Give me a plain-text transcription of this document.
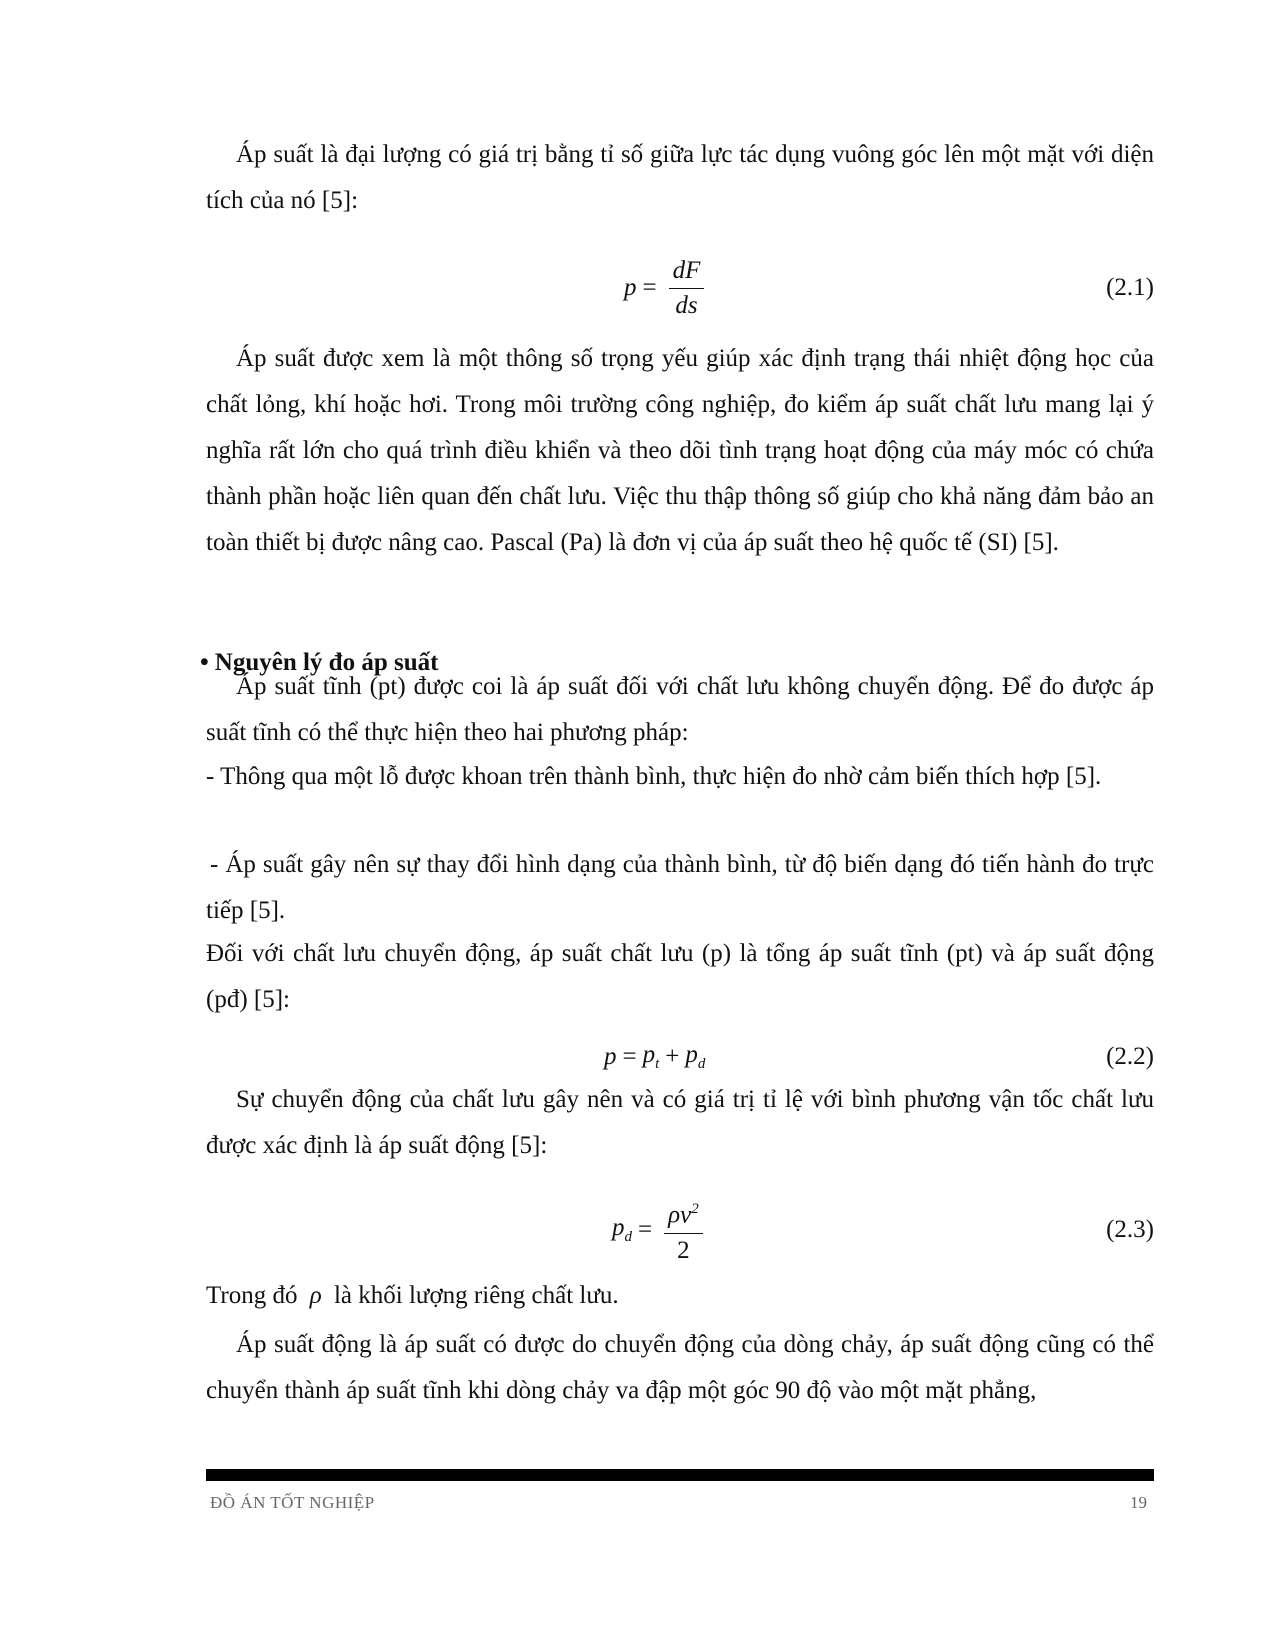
Áp suất là đại lượng có giá trị bằng tỉ số giữa lực tác dụng vuông góc lên một mặt với diện tích của nó [5]:

$p = \frac{dF}{ds}$	(2.1)

Áp suất được xem là một thông số trọng yếu giúp xác định trạng thái nhiệt động học của chất lỏng, khí hoặc hơi. Trong môi trường công nghiệp, đo kiểm áp suất chất lưu mang lại ý nghĩa rất lớn cho quá trình điều khiển và theo dõi tình trạng hoạt động của máy móc có chứa thành phần hoặc liên quan đến chất lưu. Việc thu thập thông số giúp cho khả năng đảm bảo an toàn thiết bị được nâng cao. Pascal (Pa) là đơn vị của áp suất theo hệ quốc tế (SI) [5].

• Nguyên lý đo áp suất

Áp suất tĩnh (pt) được coi là áp suất đối với chất lưu không chuyển động. Để đo được áp suất tĩnh có thể thực hiện theo hai phương pháp:

- Thông qua một lỗ được khoan trên thành bình, thực hiện đo nhờ cảm biến thích hợp [5].

- Áp suất gây nên sự thay đổi hình dạng của thành bình, từ độ biến dạng đó tiến hành đo trực tiếp [5].

Đối với chất lưu chuyển động, áp suất chất lưu (p) là tổng áp suất tĩnh (pt) và áp suất động (pđ) [5]:

$p = p_t + p_d$	(2.2)

Sự chuyển động của chất lưu gây nên và có giá trị tỉ lệ với bình phương vận tốc chất lưu được xác định là áp suất động [5]:

$p_d = \frac{\rho v^2}{2}$	(2.3)

Trong đó ρ là khối lượng riêng chất lưu.

Áp suất động là áp suất có được do chuyển động của dòng chảy, áp suất động cũng có thể chuyển thành áp suất tĩnh khi dòng chảy va đập một góc 90 độ vào một mặt phẳng,

ĐỒ ÁN TỐT NGHIỆP	19
